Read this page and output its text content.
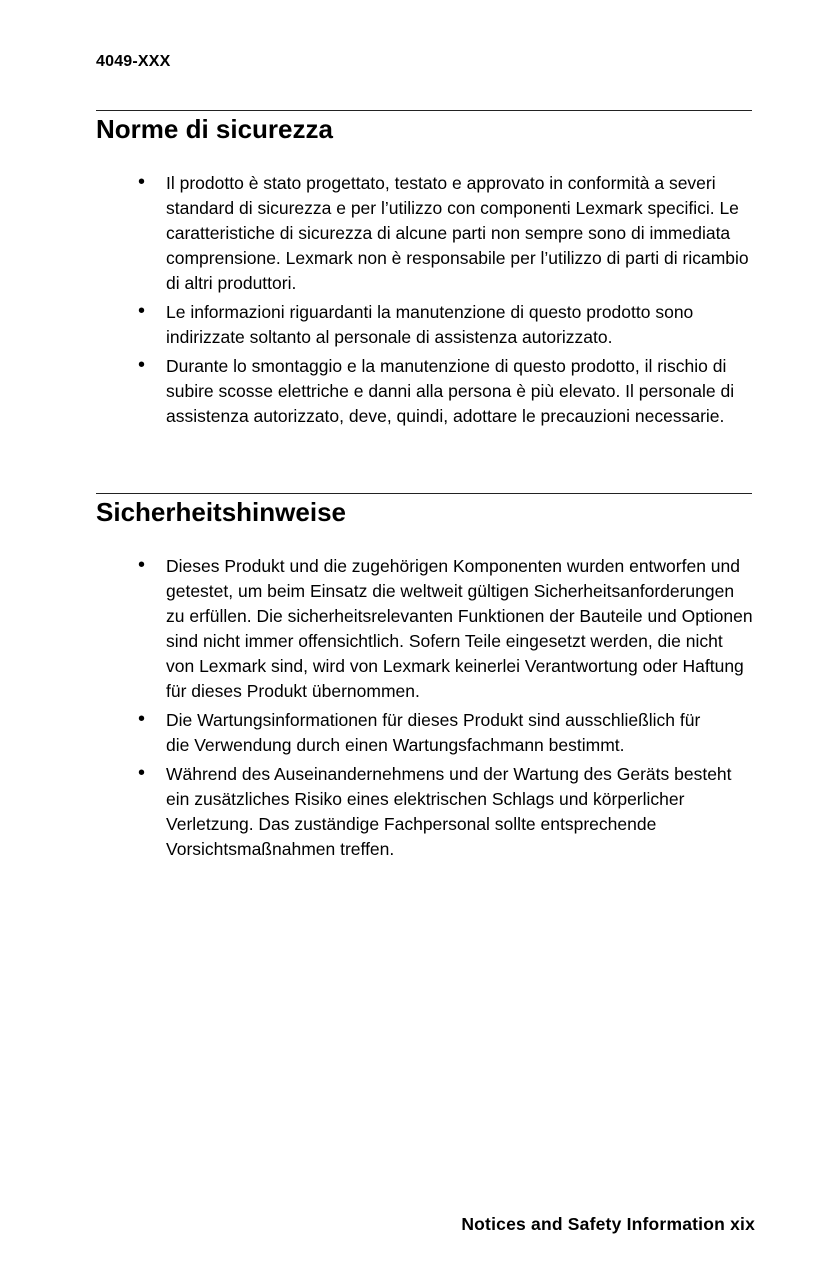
4049-XXX
Norme di sicurezza
• Il prodotto è stato progettato, testato e approvato in conformità a severi standard di sicurezza e per l’utilizzo con componenti Lexmark specifici. Le caratteristiche di sicurezza di alcune parti non sempre sono di immediata comprensione. Lexmark non è responsabile per l’utilizzo di parti di ricambio di altri produttori.
• Le informazioni riguardanti la manutenzione di questo prodotto sono indirizzate soltanto al personale di assistenza autorizzato.
• Durante lo smontaggio e la manutenzione di questo prodotto, il rischio di subire scosse elettriche e danni alla persona è più elevato. Il personale di assistenza autorizzato, deve, quindi, adottare le precauzioni necessarie.
Sicherheitshinweise
• Dieses Produkt und die zugehörigen Komponenten wurden entworfen und getestet, um beim Einsatz die weltweit gültigen Sicherheitsanforderungen zu erfüllen. Die sicherheitsrelevanten Funktionen der Bauteile und Optionen sind nicht immer offensichtlich. Sofern Teile eingesetzt werden, die nicht von Lexmark sind, wird von Lexmark keinerlei Verantwortung oder Haftung für dieses Produkt übernommen.
• Die Wartungsinformationen für dieses Produkt sind ausschließlich für die Verwendung durch einen Wartungsfachmann bestimmt.
• Während des Auseinandernehmens und der Wartung des Geräts besteht ein zusätzliches Risiko eines elektrischen Schlags und körperlicher Verletzung. Das zuständige Fachpersonal sollte entsprechende Vorsichtsmaßnahmen treffen.
Notices and Safety Information xix
